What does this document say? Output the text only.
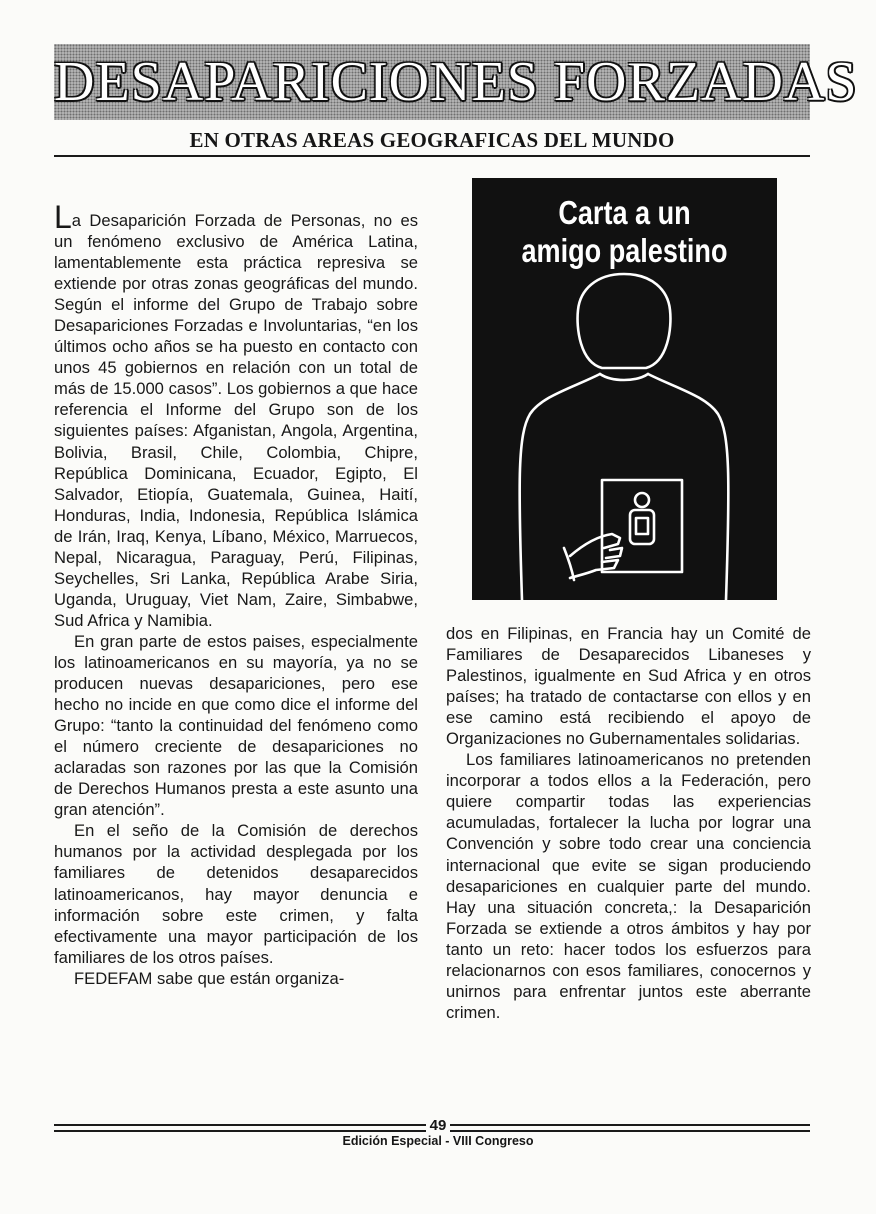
DESAPARICIONES FORZADAS
EN OTRAS AREAS GEOGRAFICAS DEL MUNDO

La Desaparición Forzada de Personas, no es un fenómeno exclusivo de América Latina, lamentablemente esta práctica represiva se extiende por otras zonas geográficas del mundo. Según el informe del Grupo de Trabajo sobre Desapariciones Forzadas e Involuntarias, “en los últimos ocho años se ha puesto en contacto con unos 45 gobiernos en relación con un total de más de 15.000 casos”. Los gobiernos a que hace referencia el Informe del Grupo son de los siguientes países: Afganistan, Angola, Argentina, Bolivia, Brasil, Chile, Colombia, Chipre, República Dominicana, Ecuador, Egipto, El Salvador, Etiopía, Guatemala, Guinea, Haití, Honduras, India, Indonesia, República Islámica de Irán, Iraq, Kenya, Líbano, México, Marruecos, Nepal, Nicaragua, Paraguay, Perú, Filipinas, Seychelles, Sri Lanka, República Arabe Siria, Uganda, Uruguay, Viet Nam, Zaire, Simbabwe, Sud Africa y Namibia.

En gran parte de estos paises, especialmente los latinoamericanos en su mayoría, ya no se producen nuevas desapariciones, pero ese hecho no incide en que como dice el informe del Grupo: “tanto la continuidad del fenómeno como el número creciente de desapariciones no aclaradas son razones por las que la Comisión de Derechos Humanos presta a este asunto una gran atención”.

En el seño de la Comisión de derechos humanos por la actividad desplegada por los familiares de detenidos desaparecidos latinoamericanos, hay mayor denuncia e información sobre este crimen, y falta efectivamente una mayor participación de los familiares de los otros países.

FEDEFAM sabe que están organiza-

Carta a un
amigo palestino

dos en Filipinas, en Francia hay un Comité de Familiares de Desaparecidos Libaneses y Palestinos, igualmente en Sud Africa y en otros países; ha tratado de contactarse con ellos y en ese camino está recibiendo el apoyo de Organizaciones no Gubernamentales solidarias.

Los familiares latinoamericanos no pretenden incorporar a todos ellos a la Federación, pero quiere compartir todas las experiencias acumuladas, fortalecer la lucha por lograr una Convención y sobre todo crear una conciencia internacional que evite se sigan produciendo desapariciones en cualquier parte del mundo. Hay una situación concreta,: la Desaparición Forzada se extiende a otros ámbitos y hay por tanto un reto: hacer todos los esfuerzos para relacionarnos con esos familiares, conocernos y unirnos para enfrentar juntos este aberrante crimen.

49
Edición Especial - VIII Congreso
